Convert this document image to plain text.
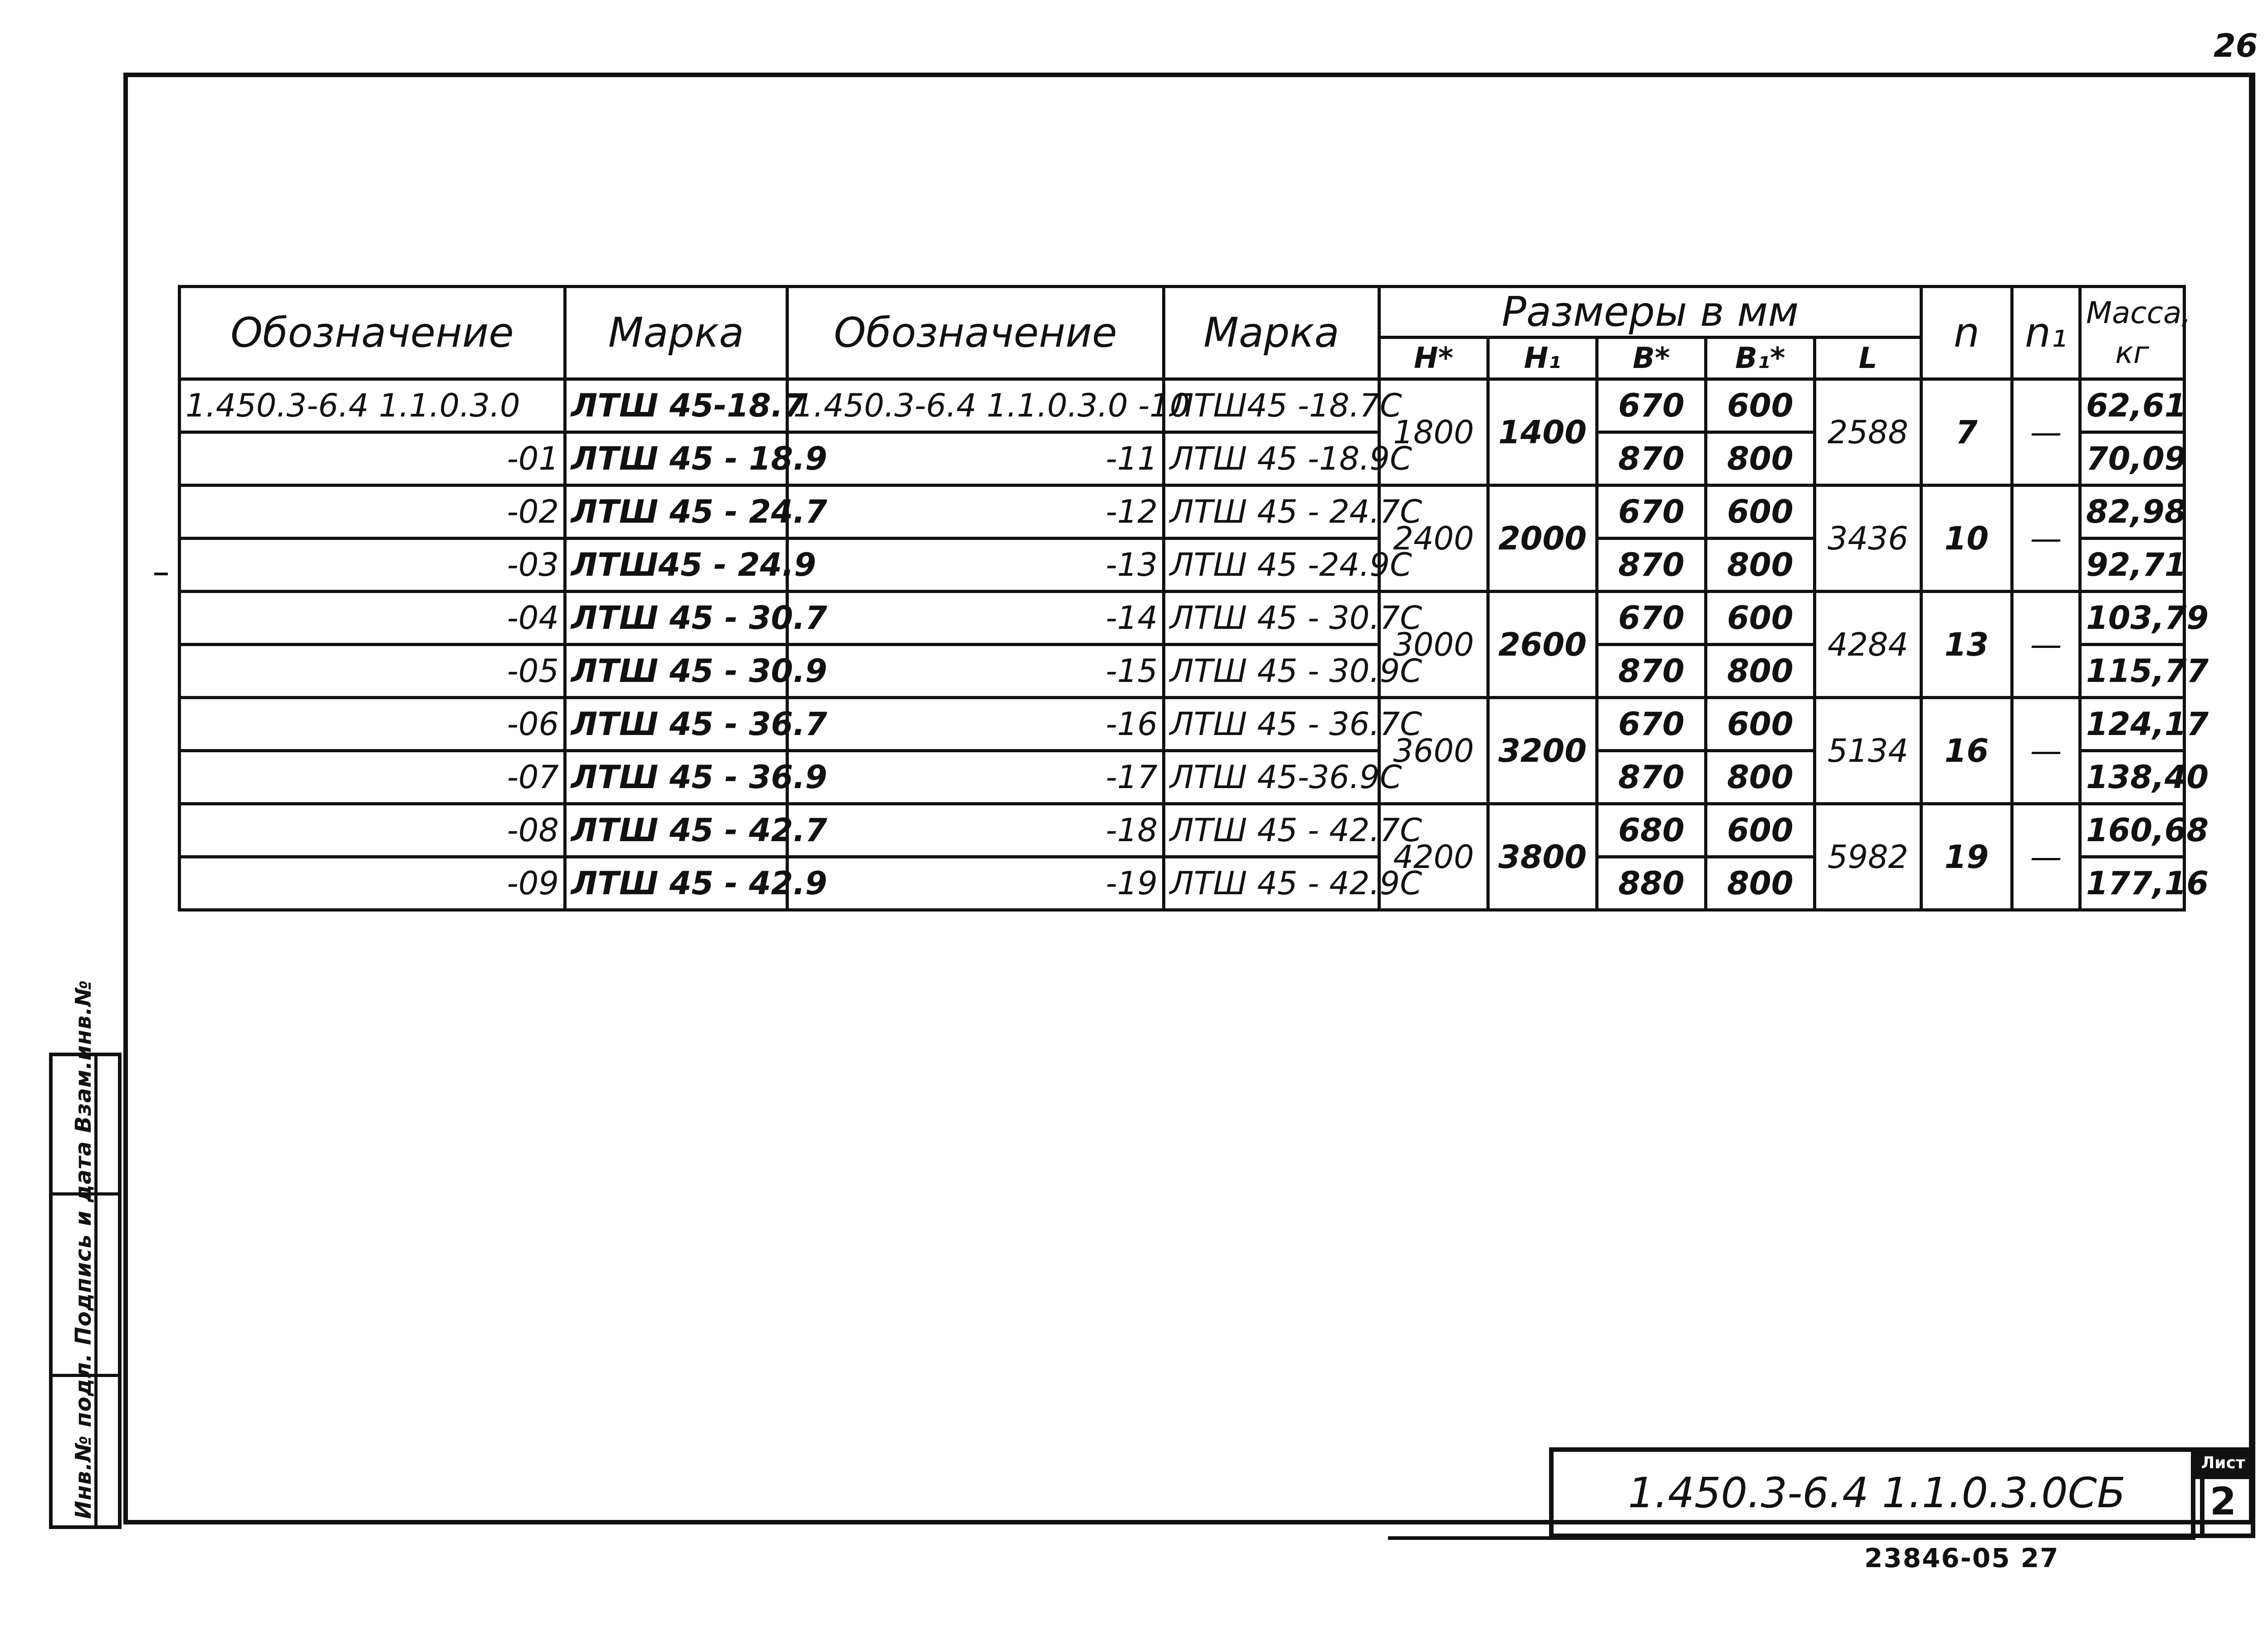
26
Обозначение	Марка	Обозначение	Марка	Размеры в мм					n	n₁	Масса, кг
				H*	H₁	B*	B₁*	L			
1.450.3-6.4 1.1.0.3.0	ЛТШ 45-18.7	1.450.3-6.4 1.1.0.3.0 -10	ЛТШ45 -18.7С	1800	1400	670	600	2588	7	—	62,61
-01	ЛТШ 45 - 18.9	-11	ЛТШ 45 -18.9С			870	800				70,09
-02	ЛТШ 45 - 24.7	-12	ЛТШ 45 - 24.7С	2400	2000	670	600	3436	10	—	82,98
-03	ЛТШ45 - 24.9	-13	ЛТШ 45 -24.9С			870	800				92,71
-04	ЛТШ 45 - 30.7	-14	ЛТШ 45 - 30.7С	3000	2600	670	600	4284	13	—	103,79
-05	ЛТШ 45 - 30.9	-15	ЛТШ 45 - 30.9С			870	800				115,77
-06	ЛТШ 45 - 36.7	-16	ЛТШ 45 - 36.7С	3600	3200	670	600	5134	16	—	124,17
-07	ЛТШ 45 - 36.9	-17	ЛТШ 45-36.9С			870	800				138,40
-08	ЛТШ 45 - 42.7	-18	ЛТШ 45 - 42.7С	4200	3800	680	600	5982	19	—	160,68
-09	ЛТШ 45 - 42.9	-19	ЛТШ 45 - 42.9С			880	800				177,16
Инв.№ подл. Подпись и дата Взам.инв.№	1.450.3-6.4 1.1.0.3.0СБ
Лист
2
23846-05 27
